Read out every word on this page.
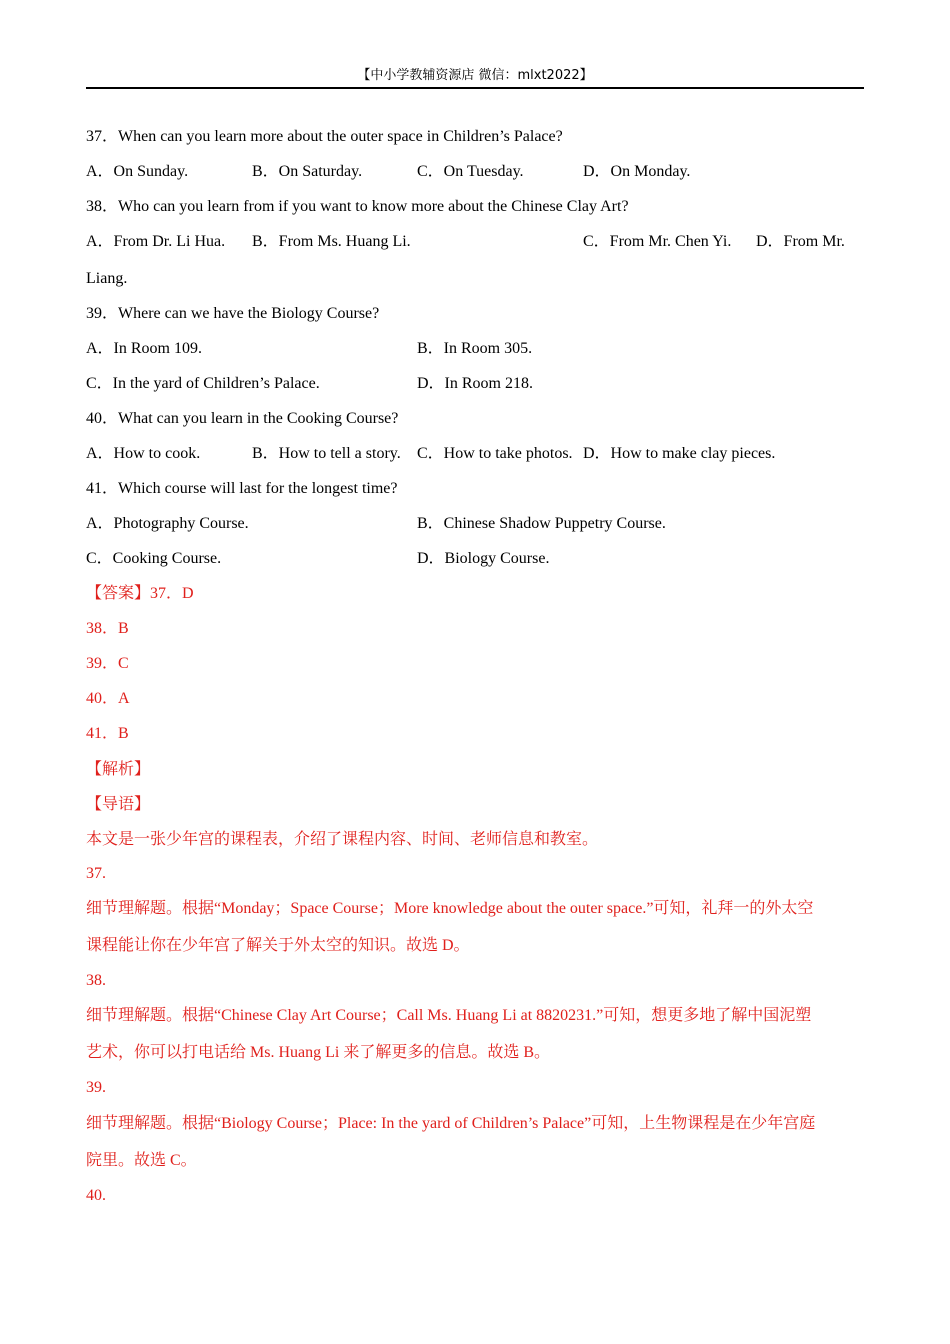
【中小学教辅资源店 微信：mlxt2022】
37．When can you learn more about the outer space in Children’s Palace?
A．On Sunday.	B．On Saturday.	C．On Tuesday.	D．On Monday.
38．Who can you learn from if you want to know more about the Chinese Clay Art?
A．From Dr. Li Hua. B．From Ms. Huang Li.	C．From Mr. Chen Yi. D．From Mr.
Liang.
39．Where can we have the Biology Course?
A．In Room 109.	B．In Room 305.
C．In the yard of Children’s Palace.	D．In Room 218.
40．What can you learn in the Cooking Course?
A．How to cook.	B．How to tell a story. C．How to take photos. D．How to make clay pieces.
41．Which course will last for the longest time?
A．Photography Course.	B．Chinese Shadow Puppetry Course.
C．Cooking Course.	D．Biology Course.
【答案】37．D
38．B
39．C
40．A
41．B
【解析】
【导语】
本文是一张少年宫的课程表，介绍了课程内容、时间、老师信息和教室。
37.
细节理解题。根据“Monday；Space Course；More knowledge about the outer space.”可知，礼拜一的外太空
课程能让你在少年宫了解关于外太空的知识。故选 D。
38.
细节理解题。根据“Chinese Clay Art Course；Call Ms. Huang Li at 8820231.”可知，想更多地了解中国泥塑
艺术，你可以打电话给 Ms. Huang Li 来了解更多的信息。故选 B。
39.
细节理解题。根据“Biology Course；Place: In the yard of Children’s Palace”可知，上生物课程是在少年宫庭
院里。故选 C。
40.
